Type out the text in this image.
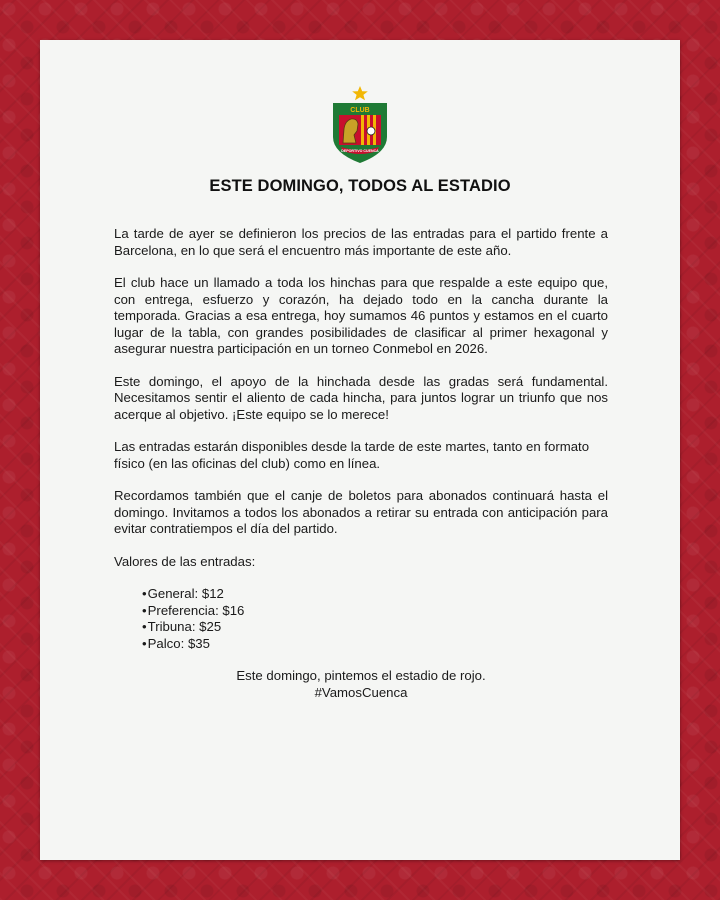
CLUB
DEPORTIVO CUENCA
ESTE DOMINGO, TODOS AL ESTADIO

La tarde de ayer se definieron los precios de las entradas para el partido frente a Barcelona, en lo que será el encuentro más importante de este año.

El club hace un llamado a toda los hinchas para que respalde a este equipo que, con entrega, esfuerzo y corazón, ha dejado todo en la cancha durante la temporada. Gracias a esa entrega, hoy sumamos 46 puntos y estamos en el cuarto lugar de la tabla, con grandes posibilidades de clasificar al primer hexagonal y asegurar nuestra participación en un torneo Conmebol en 2026.

Este domingo, el apoyo de la hinchada desde las gradas será fundamental. Necesitamos sentir el aliento de cada hincha, para juntos lograr un triunfo que nos acerque al objetivo. ¡Este equipo se lo merece!

Las entradas estarán disponibles desde la tarde de este martes, tanto en formato físico (en las oficinas del club) como en línea.

Recordamos también que el canje de boletos para abonados continuará hasta el domingo. Invitamos a todos los abonados a retirar su entrada con anticipación para evitar contratiempos el día del partido.

Valores de las entradas:

• General: $12
• Preferencia: $16
• Tribuna: $25
• Palco: $35
Este domingo, pintemos el estadio de rojo.
#VamosCuenca
